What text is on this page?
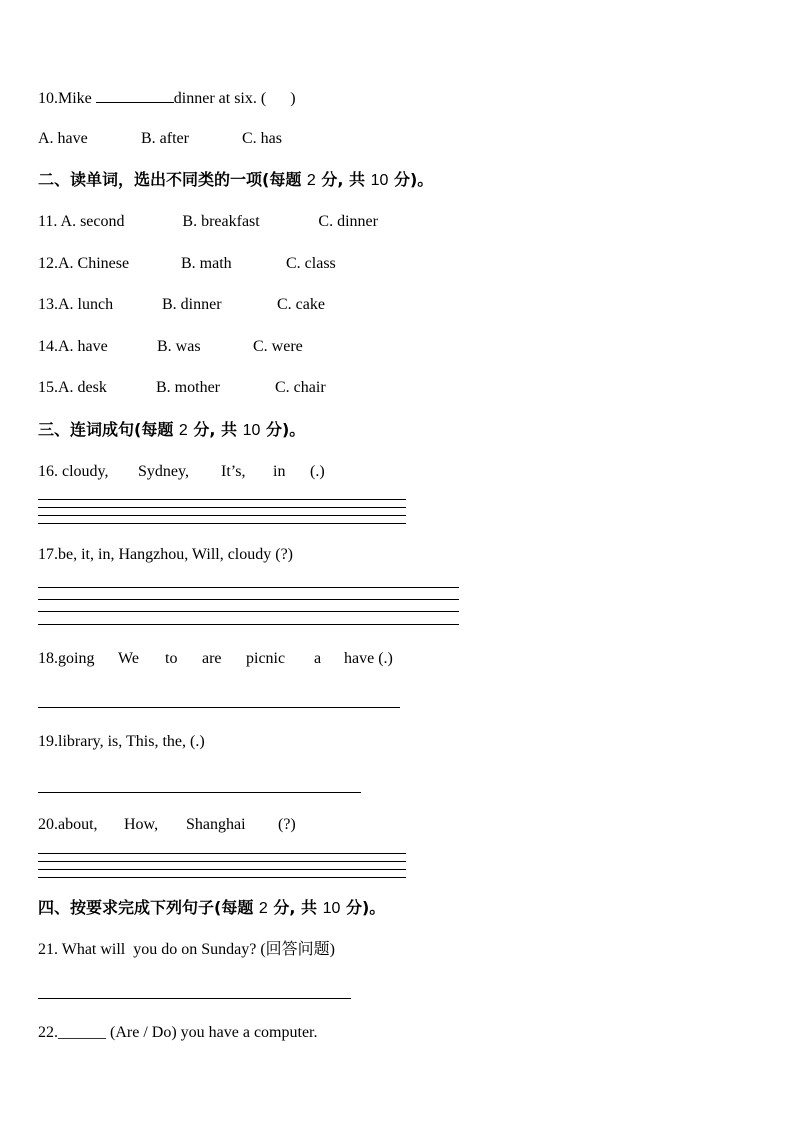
10.Mike	dinner at six. (      )
A. have	B. after	C. has
二、读单词，选出不同类的一项(每题 2 分, 共 10 分)。
11. A. second	B. breakfast	C. dinner
12.A. Chinese	B. math	C. class
13.A. lunch	B. dinner	C. cake
14.A. have	B. was	C. were
15.A. desk	B. mother	C. chair
三、连词成句(每题 2 分, 共 10 分)。
16. cloudy, Sydney, It’s, in (.)
17.be, it, in, Hangzhou, Will, cloudy (?)
18.going We to are picnic a have (.)
19.library, is, This, the, (.)
20.about, How, Shanghai (?)
四、按要求完成下列句子(每题 2 分, 共 10 分)。
21. What will  you do on Sunday? (回答问题)
22.______ (Are / Do) you have a computer.
